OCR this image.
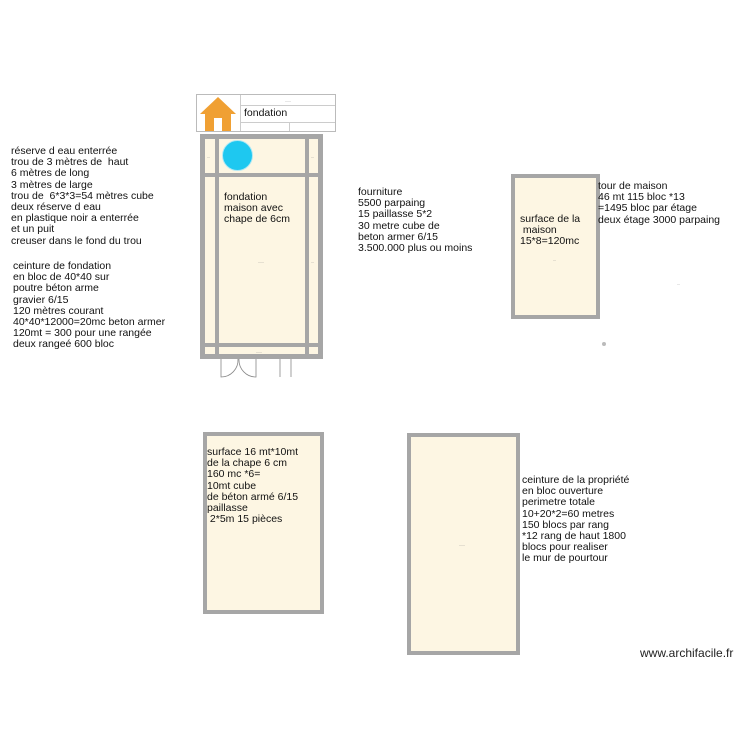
——
fondation
réserve d eau enterrée
trou de 3 mètres de  haut
6 mètres de long
3 mètres de large
trou de  6*3*3=54 mètres cube
deux réserve d eau
en plastique noir a enterrée
et un puit
creuser dans le fond du trou
ceinture de fondation
en bloc de 40*40 sur
poutre béton arme
gravier 6/15
120 mètres courant
40*40*12000=20mc beton armer
120mt = 300 pour une rangée
deux rangeé 600 bloc
——
——
—
—	—
fondation
maison avec
chape de 6cm
fourniture
5500 parpaing
15 paillasse 5*2
30 metre cube de
beton armer 6/15
3.500.000 plus ou moins
—
surface de la
maison
15*8=120mc
tour de maison
46 mt 115 bloc *13
=1495 bloc par étage
deux étage 3000 parpaing
—
surface 16 mt*10mt
de la chape 6 cm
160 mc *6=
10mt cube
de béton armé 6/15
paillasse
2*5m 15 pièces
——
ceinture de la propriété
en bloc ouverture
perimetre totale
10+20*2=60 metres
150 blocs par rang
*12 rang de haut 1800
blocs pour realiser
le mur de pourtour
www.archifacile.fr
